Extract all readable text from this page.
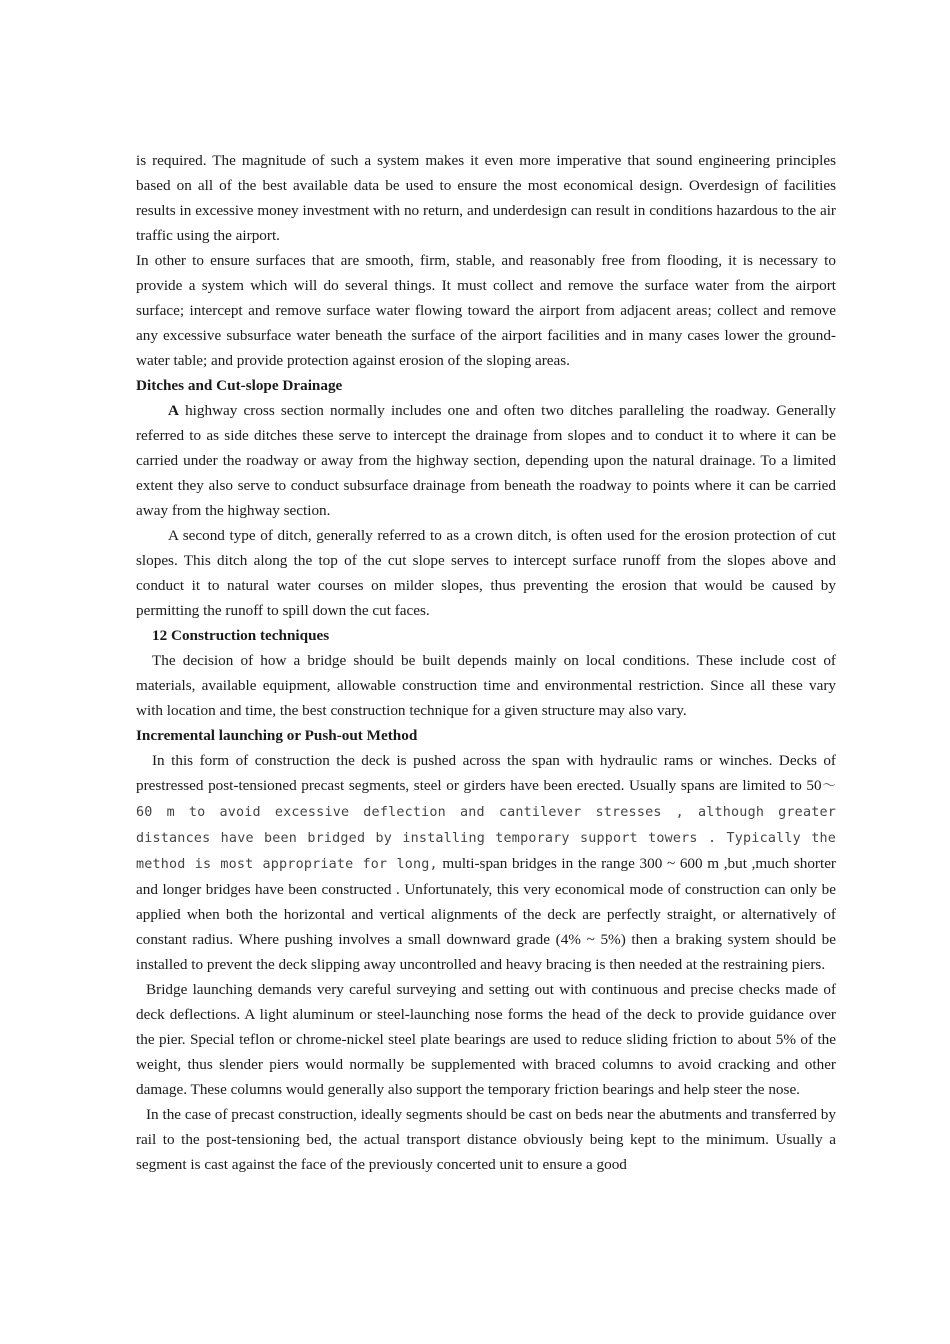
is required. The magnitude of such a system makes it even more imperative that sound engineering principles based on all of the best available data be used to ensure the most economical design. Overdesign of facilities results in excessive money investment with no return, and underdesign can result in conditions hazardous to the air traffic using the airport.

In other to ensure surfaces that are smooth, firm, stable, and reasonably free from flooding, it is necessary to provide a system which will do several things. It must collect and remove the surface water from the airport surface; intercept and remove surface water flowing toward the airport from adjacent areas; collect and remove any excessive subsurface water beneath the surface of the airport facilities and in many cases lower the ground-water table; and provide protection against erosion of the sloping areas.

Ditches and Cut-slope Drainage

A highway cross section normally includes one and often two ditches paralleling the roadway. Generally referred to as side ditches these serve to intercept the drainage from slopes and to conduct it to where it can be carried under the roadway or away from the highway section, depending upon the natural drainage. To a limited extent they also serve to conduct subsurface drainage from beneath the roadway to points where it can be carried away from the highway section.

A second type of ditch, generally referred to as a crown ditch, is often used for the erosion protection of cut slopes. This ditch along the top of the cut slope serves to intercept surface runoff from the slopes above and conduct it to natural water courses on milder slopes, thus preventing the erosion that would be caused by permitting the runoff to spill down the cut faces.

12 Construction techniques

The decision of how a bridge should be built depends mainly on local conditions. These include cost of materials, available equipment, allowable construction time and environmental restriction. Since all these vary with location and time, the best construction technique for a given structure may also vary.

Incremental launching or Push-out Method

In this form of construction the deck is pushed across the span with hydraulic rams or winches. Decks of prestressed post-tensioned precast segments, steel or girders have been erected. Usually spans are limited to 50～60 m to avoid excessive deflection and cantilever stresses , although greater distances have been bridged by installing temporary support towers . Typically the method is most appropriate for long, multi-span bridges in the range 300 ~ 600 m ,but ,much shorter and longer bridges have been constructed . Unfortunately, this very economical mode of construction can only be applied when both the horizontal and vertical alignments of the deck are perfectly straight, or alternatively of constant radius. Where pushing involves a small downward grade (4% ~ 5%) then a braking system should be installed to prevent the deck slipping away uncontrolled and heavy bracing is then needed at the restraining piers.

Bridge launching demands very careful surveying and setting out with continuous and precise checks made of deck deflections. A light aluminum or steel-launching nose forms the head of the deck to provide guidance over the pier. Special teflon or chrome-nickel steel plate bearings are used to reduce sliding friction to about 5% of the weight, thus slender piers would normally be supplemented with braced columns to avoid cracking and other damage. These columns would generally also support the temporary friction bearings and help steer the nose.

In the case of precast construction, ideally segments should be cast on beds near the abutments and transferred by rail to the post-tensioning bed, the actual transport distance obviously being kept to the minimum. Usually a segment is cast against the face of the previously concerted unit to ensure a good
